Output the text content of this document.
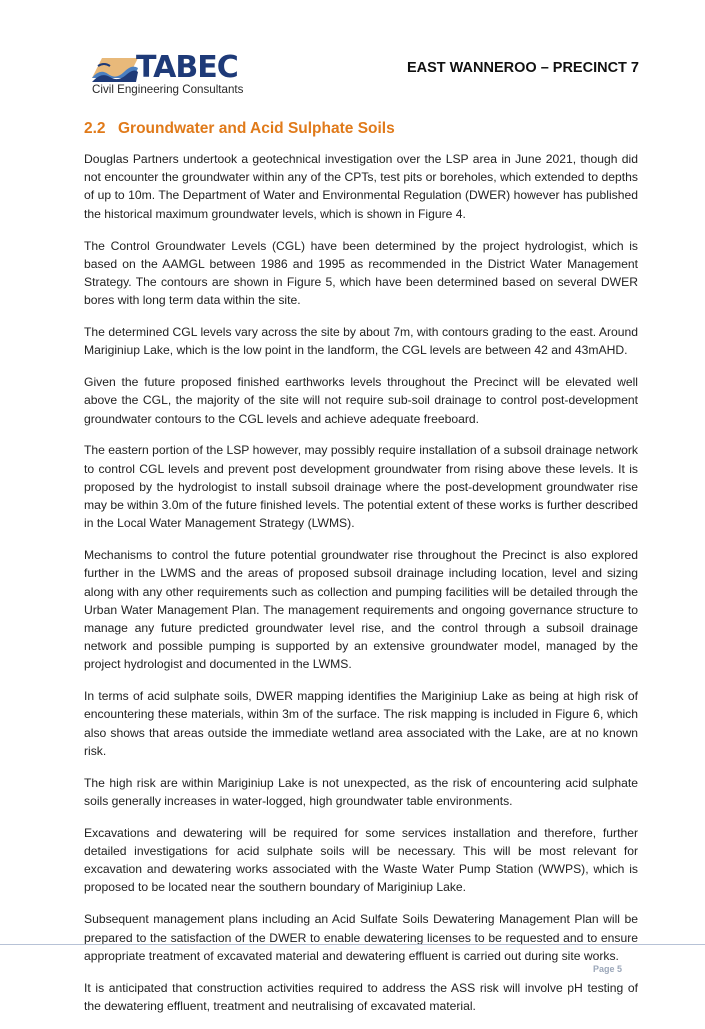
TABEC
Civil Engineering Consultants
EAST WANNEROO – PRECINCT 7
2.2 Groundwater and Acid Sulphate Soils

Douglas Partners undertook a geotechnical investigation over the LSP area in June 2021, though did not encounter the groundwater within any of the CPTs, test pits or boreholes, which extended to depths of up to 10m. The Department of Water and Environmental Regulation (DWER) however has published the historical maximum groundwater levels, which is shown in Figure 4.

The Control Groundwater Levels (CGL) have been determined by the project hydrologist, which is based on the AAMGL between 1986 and 1995 as recommended in the District Water Management Strategy. The contours are shown in Figure 5, which have been determined based on several DWER bores with long term data within the site.

The determined CGL levels vary across the site by about 7m, with contours grading to the east. Around Mariginiup Lake, which is the low point in the landform, the CGL levels are between 42 and 43mAHD.

Given the future proposed finished earthworks levels throughout the Precinct will be elevated well above the CGL, the majority of the site will not require sub-soil drainage to control post-development groundwater contours to the CGL levels and achieve adequate freeboard.

The eastern portion of the LSP however, may possibly require installation of a subsoil drainage network to control CGL levels and prevent post development groundwater from rising above these levels. It is proposed by the hydrologist to install subsoil drainage where the post-development groundwater rise may be within 3.0m of the future finished levels. The potential extent of these works is further described in the Local Water Management Strategy (LWMS).

Mechanisms to control the future potential groundwater rise throughout the Precinct is also explored further in the LWMS and the areas of proposed subsoil drainage including location, level and sizing along with any other requirements such as collection and pumping facilities will be detailed through the Urban Water Management Plan. The management requirements and ongoing governance structure to manage any future predicted groundwater level rise, and the control through a subsoil drainage network and possible pumping is supported by an extensive groundwater model, managed by the project hydrologist and documented in the LWMS.

In terms of acid sulphate soils, DWER mapping identifies the Mariginiup Lake as being at high risk of encountering these materials, within 3m of the surface. The risk mapping is included in Figure 6, which also shows that areas outside the immediate wetland area associated with the Lake, are at no known risk.

The high risk are within Mariginiup Lake is not unexpected, as the risk of encountering acid sulphate soils generally increases in water-logged, high groundwater table environments.

Excavations and dewatering will be required for some services installation and therefore, further detailed investigations for acid sulphate soils will be necessary. This will be most relevant for excavation and dewatering works associated with the Waste Water Pump Station (WWPS), which is proposed to be located near the southern boundary of Mariginiup Lake.

Subsequent management plans including an Acid Sulfate Soils Dewatering Management Plan will be prepared to the satisfaction of the DWER to enable dewatering licenses to be requested and to ensure appropriate treatment of excavated material and dewatering effluent is carried out during site works.

It is anticipated that construction activities required to address the ASS risk will involve pH testing of the dewatering effluent, treatment and neutralising of excavated material.

Page 5
